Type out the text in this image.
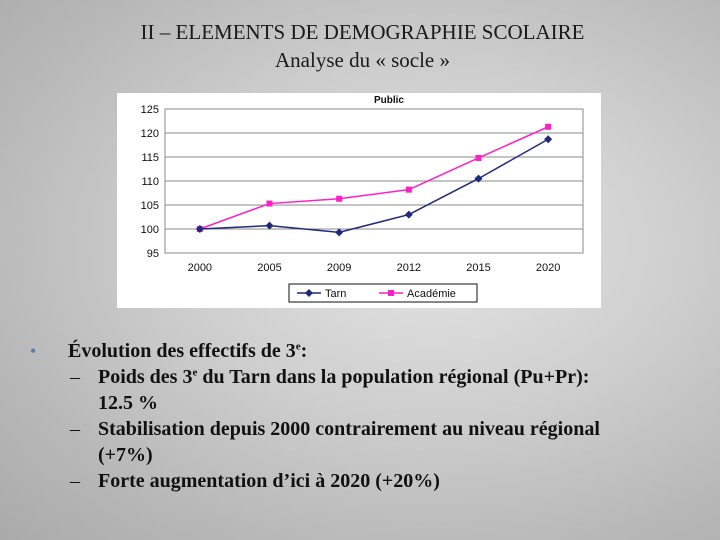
II – ELEMENTS DE DEMOGRAPHIE SCOLAIRE
Analyse du « socle »
95
100
105
110
115
120
125
2000	2005	2009	2012	2015	2020
Public
Tarn	Académie
• Évolution des effectifs de 3e:
– Poids des 3e du Tarn dans la population régional (Pu+Pr):
12.5 %
– Stabilisation depuis 2000 contrairement au niveau régional
(+7%)
– Forte augmentation d’ici à 2020 (+20%)
